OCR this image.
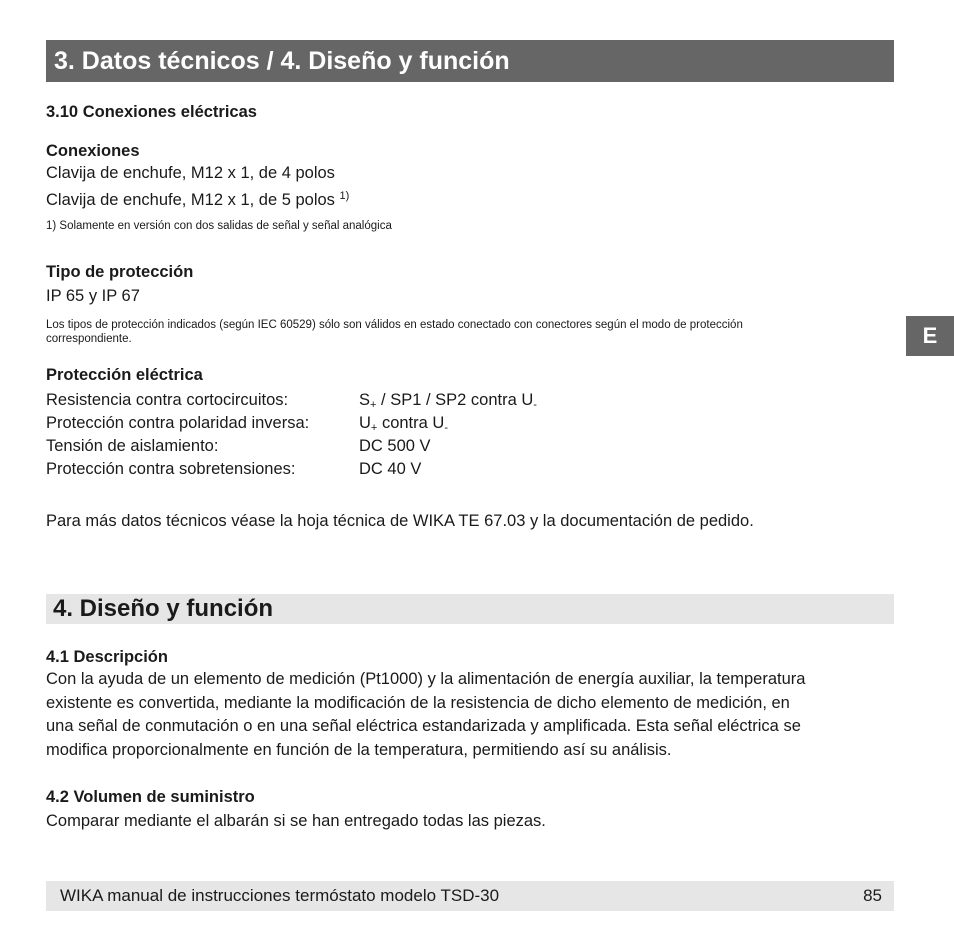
3. Datos técnicos / 4. Diseño y función
3.10 Conexiones eléctricas
Conexiones
Clavija de enchufe, M12 x 1, de 4 polos
Clavija de enchufe, M12 x 1, de 5 polos $^{1)}$
1) Solamente en versión con dos salidas de señal y señal analógica
Tipo de protección
IP 65 y IP 67
Los tipos de protección indicados (según IEC 60529) sólo son válidos en estado conectado con conectores según el modo de protección
correspondiente.
Protección eléctrica
Resistencia contra cortocircuitos:	$S_+ / SP1 / SP2$ contra $U_-$
Protección contra polaridad inversa:	$U_+$ contra $U_-$
Tensión de aislamiento:	DC 500 V
Protección contra sobretensiones:	DC 40 V
Para más datos técnicos véase la hoja técnica de WIKA TE 67.03 y la documentación de pedido.
4. Diseño y función
4.1 Descripción
Con la ayuda de un elemento de medición (Pt1000) y la alimentación de energía auxiliar, la temperatura
existente es convertida, mediante la modificación de la resistencia de dicho elemento de medición, en
una señal de conmutación o en una señal eléctrica estandarizada y amplificada. Esta señal eléctrica se
modifica proporcionalmente en función de la temperatura, permitiendo así su análisis.
4.2 Volumen de suministro
Comparar mediante el albarán si se han entregado todas las piezas.
E
WIKA manual de instrucciones termóstato modelo TSD-30	85
